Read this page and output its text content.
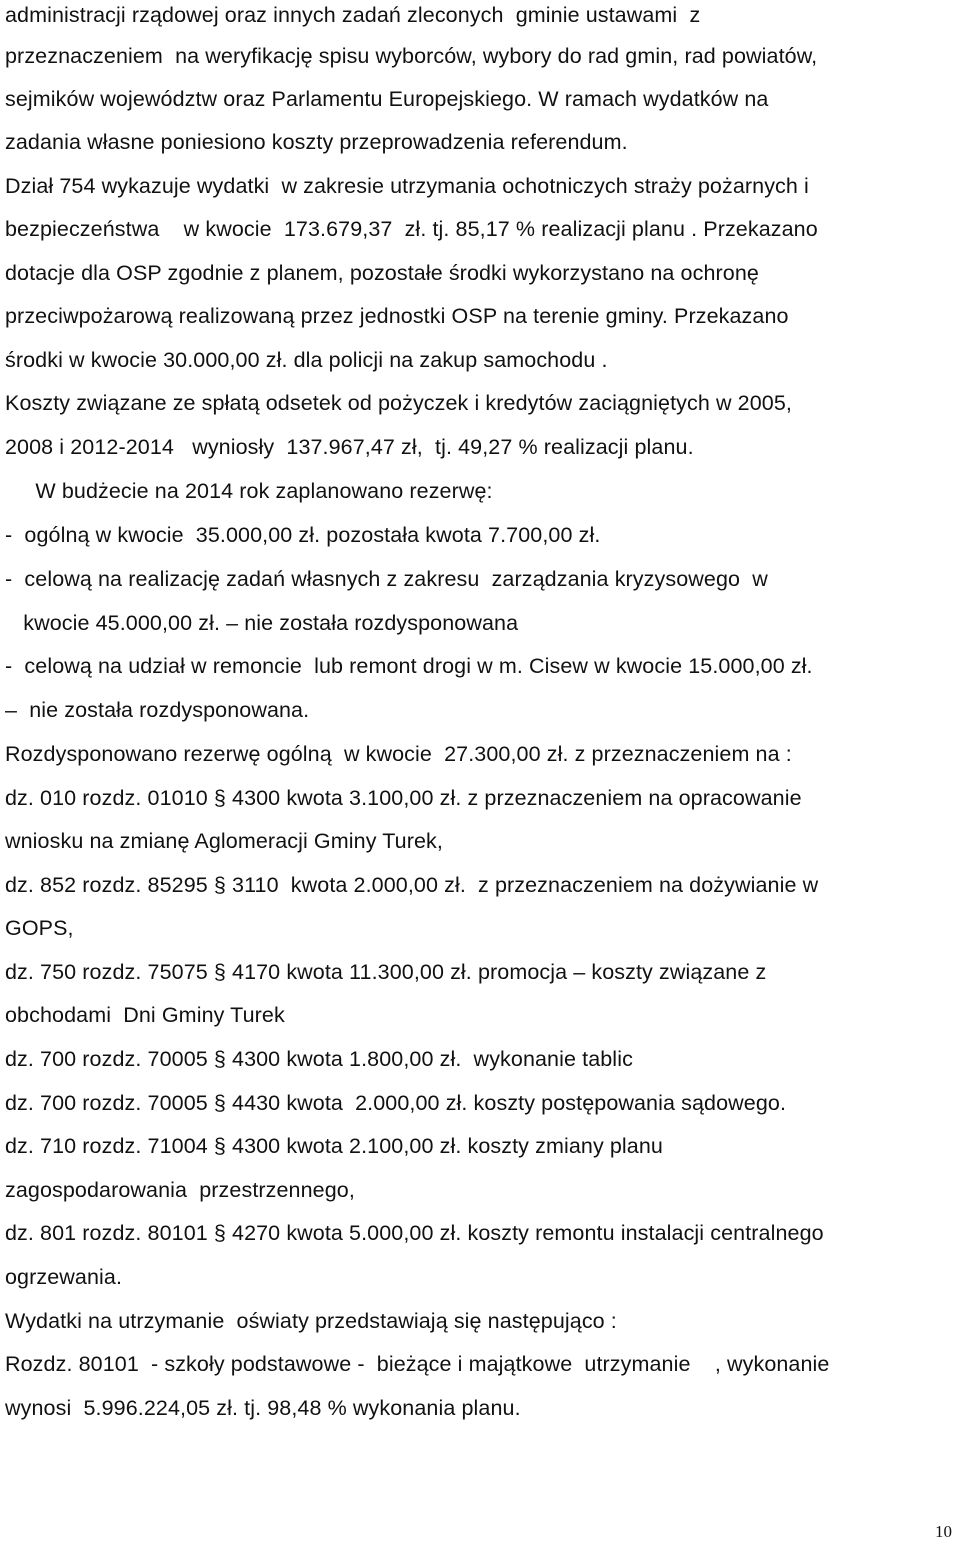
administracji rządowej oraz innych zadań zleconych  gminie ustawami  z
przeznaczeniem  na weryfikację spisu wyborców, wybory do rad gmin, rad powiatów,
sejmików województw oraz Parlamentu Europejskiego. W ramach wydatków na
zadania własne poniesiono koszty przeprowadzenia referendum.
Dział 754 wykazuje wydatki  w zakresie utrzymania ochotniczych straży pożarnych i
bezpieczeństwa    w kwocie  173.679,37  zł. tj. 85,17 % realizacji planu . Przekazano
dotacje dla OSP zgodnie z planem, pozostałe środki wykorzystano na ochronę
przeciwpożarową realizowaną przez jednostki OSP na terenie gminy. Przekazano
środki w kwocie 30.000,00 zł. dla policji na zakup samochodu .
Koszty związane ze spłatą odsetek od pożyczek i kredytów zaciągniętych w 2005,
2008 i 2012-2014   wyniosły  137.967,47 zł,  tj. 49,27 % realizacji planu.
W budżecie na 2014 rok zaplanowano rezerwę:
-  ogólną w kwocie  35.000,00 zł. pozostała kwota 7.700,00 zł.
-  celową na realizację zadań własnych z zakresu  zarządzania kryzysowego  w
kwocie 45.000,00 zł. – nie została rozdysponowana
-  celową na udział w remoncie  lub remont drogi w m. Cisew w kwocie 15.000,00 zł.
–  nie została rozdysponowana.
Rozdysponowano rezerwę ogólną  w kwocie  27.300,00 zł. z przeznaczeniem na :
dz. 010 rozdz. 01010 § 4300 kwota 3.100,00 zł. z przeznaczeniem na opracowanie
wniosku na zmianę Aglomeracji Gminy Turek,
dz. 852 rozdz. 85295 § 3110  kwota 2.000,00 zł.  z przeznaczeniem na dożywianie w
GOPS,
dz. 750 rozdz. 75075 § 4170 kwota 11.300,00 zł. promocja – koszty związane z
obchodami  Dni Gminy Turek
dz. 700 rozdz. 70005 § 4300 kwota 1.800,00 zł.  wykonanie tablic
dz. 700 rozdz. 70005 § 4430 kwota  2.000,00 zł. koszty postępowania sądowego.
dz. 710 rozdz. 71004 § 4300 kwota 2.100,00 zł. koszty zmiany planu
zagospodarowania  przestrzennego,
dz. 801 rozdz. 80101 § 4270 kwota 5.000,00 zł. koszty remontu instalacji centralnego
ogrzewania.
Wydatki na utrzymanie  oświaty przedstawiają się następująco :
Rozdz. 80101  - szkoły podstawowe -  bieżące i majątkowe  utrzymanie    , wykonanie
wynosi  5.996.224,05 zł. tj. 98,48 % wykonania planu.
10
